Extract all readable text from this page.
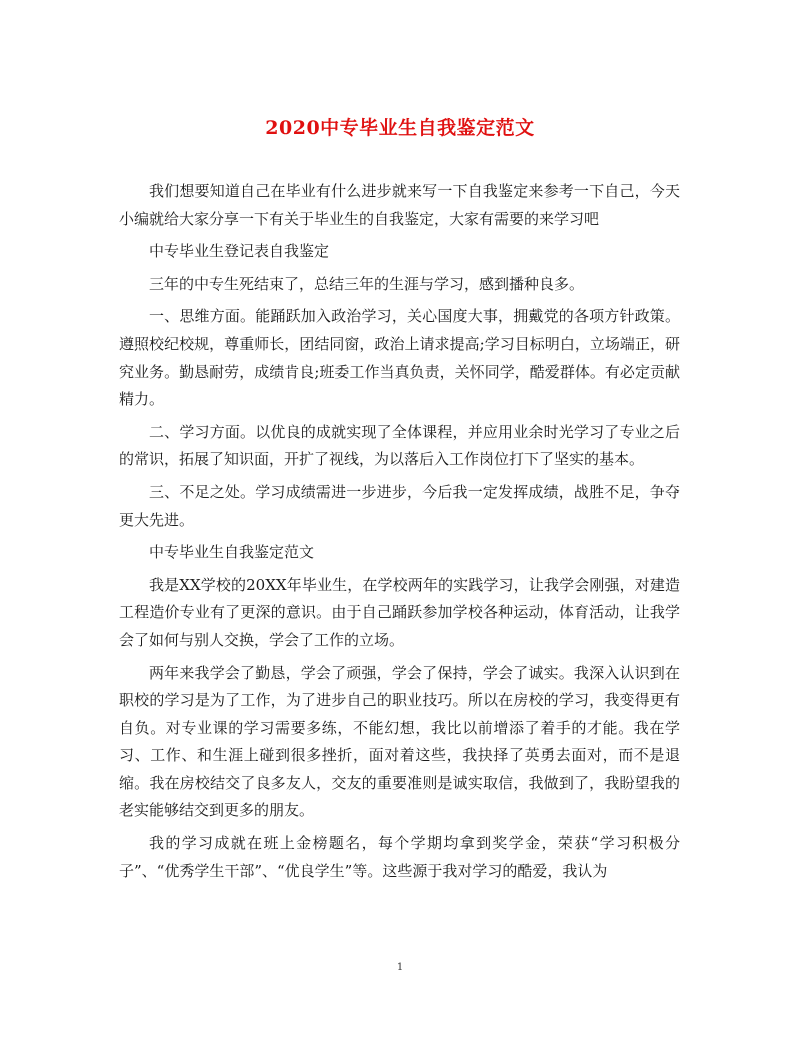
2020中专毕业生自我鉴定范文

我们想要知道自己在毕业有什么进步就来写一下自我鉴定来参考一下自己，今天小编就给大家分享一下有关于毕业生的自我鉴定，大家有需要的来学习吧

中专毕业生登记表自我鉴定

三年的中专生死结束了，总结三年的生涯与学习，感到播种良多。

一、思维方面。能踊跃加入政治学习，关心国度大事，拥戴党的各项方针政策。遵照校纪校规，尊重师长，团结同窗，政治上请求提高;学习目标明白，立场端正，研究业务。勤恳耐劳，成绩肯良;班委工作当真负责，关怀同学，酷爱群体。有必定贡献精力。

二、学习方面。以优良的成就实现了全体课程，并应用业余时光学习了专业之后的常识，拓展了知识面，开扩了视线，为以落后入工作岗位打下了坚实的基本。

三、不足之处。学习成绩需进一步进步，今后我一定发挥成绩，战胜不足，争夺更大先进。

中专毕业生自我鉴定范文

我是XX学校的20XX年毕业生，在学校两年的实践学习，让我学会刚强，对建造工程造价专业有了更深的意识。由于自己踊跃参加学校各种运动，体育活动，让我学会了如何与别人交换，学会了工作的立场。

两年来我学会了勤恳，学会了顽强，学会了保持，学会了诚实。我深入认识到在职校的学习是为了工作，为了进步自己的职业技巧。所以在房校的学习，我变得更有自负。对专业课的学习需要多练，不能幻想，我比以前增添了着手的才能。我在学习、工作、和生涯上碰到很多挫折，面对着这些，我抉择了英勇去面对，而不是退缩。我在房校结交了良多友人，交友的重要准则是诚实取信，我做到了，我盼望我的老实能够结交到更多的朋友。

我的学习成就在班上金榜题名，每个学期均拿到奖学金，荣获“学习积极分子”、“优秀学生干部”、“优良学生”等。这些源于我对学习的酷爱，我认为

1
